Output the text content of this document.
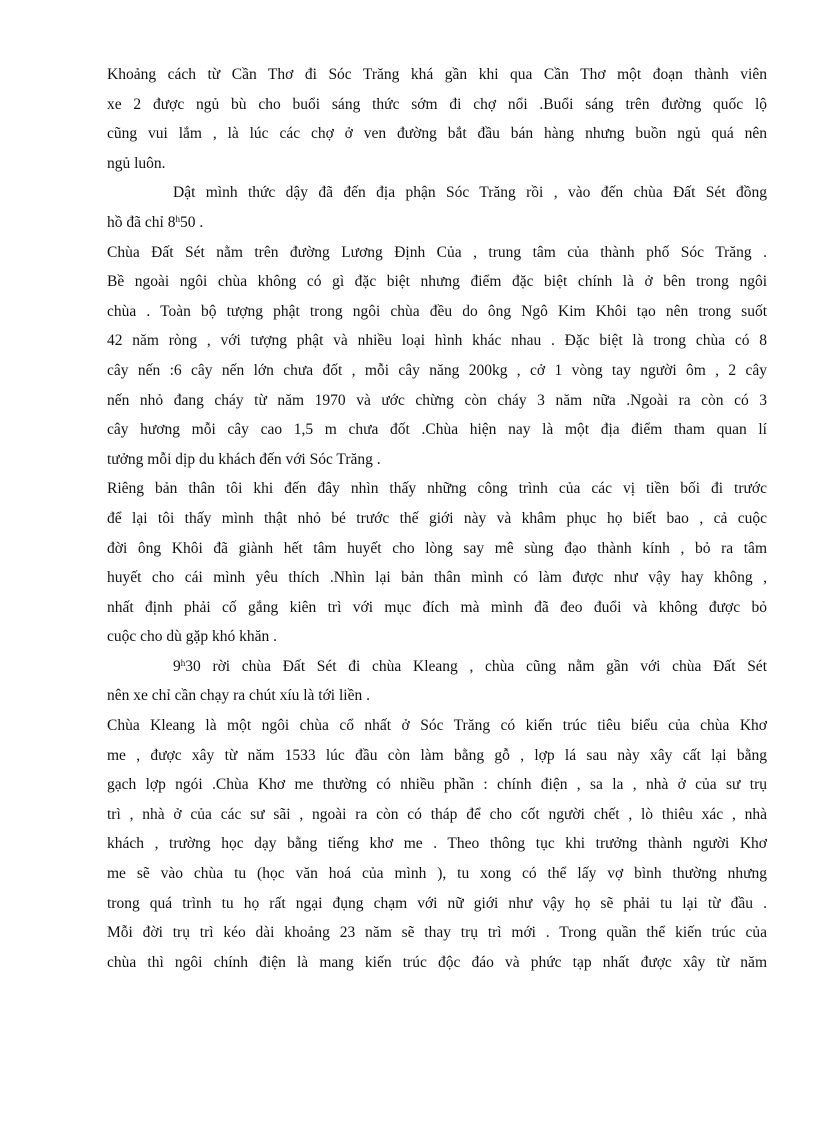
Khoảng cách từ Cần Thơ đi Sóc Trăng khá gần khi qua Cần Thơ một đoạn thành viên
xe 2 được ngủ bù cho buổi sáng thức sớm đi chợ nổi .Buổi sáng trên đường quốc lộ
cũng vui lắm , là lúc các chợ ở ven đường bắt đầu bán hàng nhưng buồn ngủ quá nên
ngủ luôn.
Dật mình thức dậy đã đến địa phận Sóc Trăng rồi , vào đến chùa Đất Sét đồng
hồ đã chỉ 8$^h$50 .
Chùa Đất Sét nằm trên đường Lương Định Của , trung tâm của thành phố Sóc Trăng .
Bề ngoài ngôi chùa không có gì đặc biệt nhưng điểm đặc biệt chính là ở bên trong ngôi
chùa . Toàn bộ tượng phật trong ngôi chùa đều do ông Ngô Kim Khôi tạo nên trong suốt
42 năm ròng , với tượng phật và nhiều loại hình khác nhau . Đặc biệt là trong chùa có 8
cây nến :6 cây nến lớn chưa đốt , mỗi cây năng 200kg , cở 1 vòng tay người ôm , 2 cây
nến nhỏ đang cháy từ năm 1970 và ước chừng còn cháy 3 năm nữa .Ngoài ra còn có 3
cây hương mỗi cây cao 1,5 m chưa đốt .Chùa hiện nay là một địa điểm tham quan lí
tưởng mỗi dịp du khách đến với Sóc Trăng .
Riêng bản thân tôi khi đến đây nhìn thấy những công trình của các vị tiền bối đi trước
để lại tôi thấy mình thật nhỏ bé trước thế giới này và khâm phục họ biết bao , cả cuộc
đời ông Khôi đã giành hết tâm huyết cho lòng say mê sùng đạo thành kính , bỏ ra tâm
huyết cho cái mình yêu thích .Nhìn lại bản thân mình có làm được như vậy hay không ,
nhất định phải cố gắng kiên trì với mục đích mà mình đã đeo đuổi và không được bỏ
cuộc cho dù gặp khó khăn .
9$^h$30 rời chùa Đất Sét đi chùa Kleang , chùa cũng nằm gần với chùa Đất Sét
nên xe chỉ cần chạy ra chút xíu là tới liền .
Chùa Kleang là một ngôi chùa cổ nhất ở Sóc Trăng có kiến trúc tiêu biểu của chùa Khơ
me , được xây từ năm 1533 lúc đầu còn làm bằng gỗ , lợp lá sau này xây cất lại bằng
gạch lợp ngói .Chùa Khơ me thường có nhiều phần : chính điện , sa la , nhà ở của sư trụ
trì , nhà ở của các sư sãi , ngoài ra còn có tháp để cho cốt người chết , lò thiêu xác , nhà
khách , trường học dạy bằng tiếng khơ me . Theo thông tục khi trưởng thành người Khơ
me sẽ vào chùa tu (học văn hoá của mình ), tu xong có thể lấy vợ bình thường nhưng
trong quá trình tu họ rất ngại đụng chạm với nữ giới như vậy họ sẽ phải tu lại từ đầu .
Mỗi đời trụ trì kéo dài khoảng 23 năm sẽ thay trụ trì mới . Trong quần thể kiến trúc của
chùa thì ngôi chính điện là mang kiến trúc độc đáo và phức tạp nhất được xây từ năm
